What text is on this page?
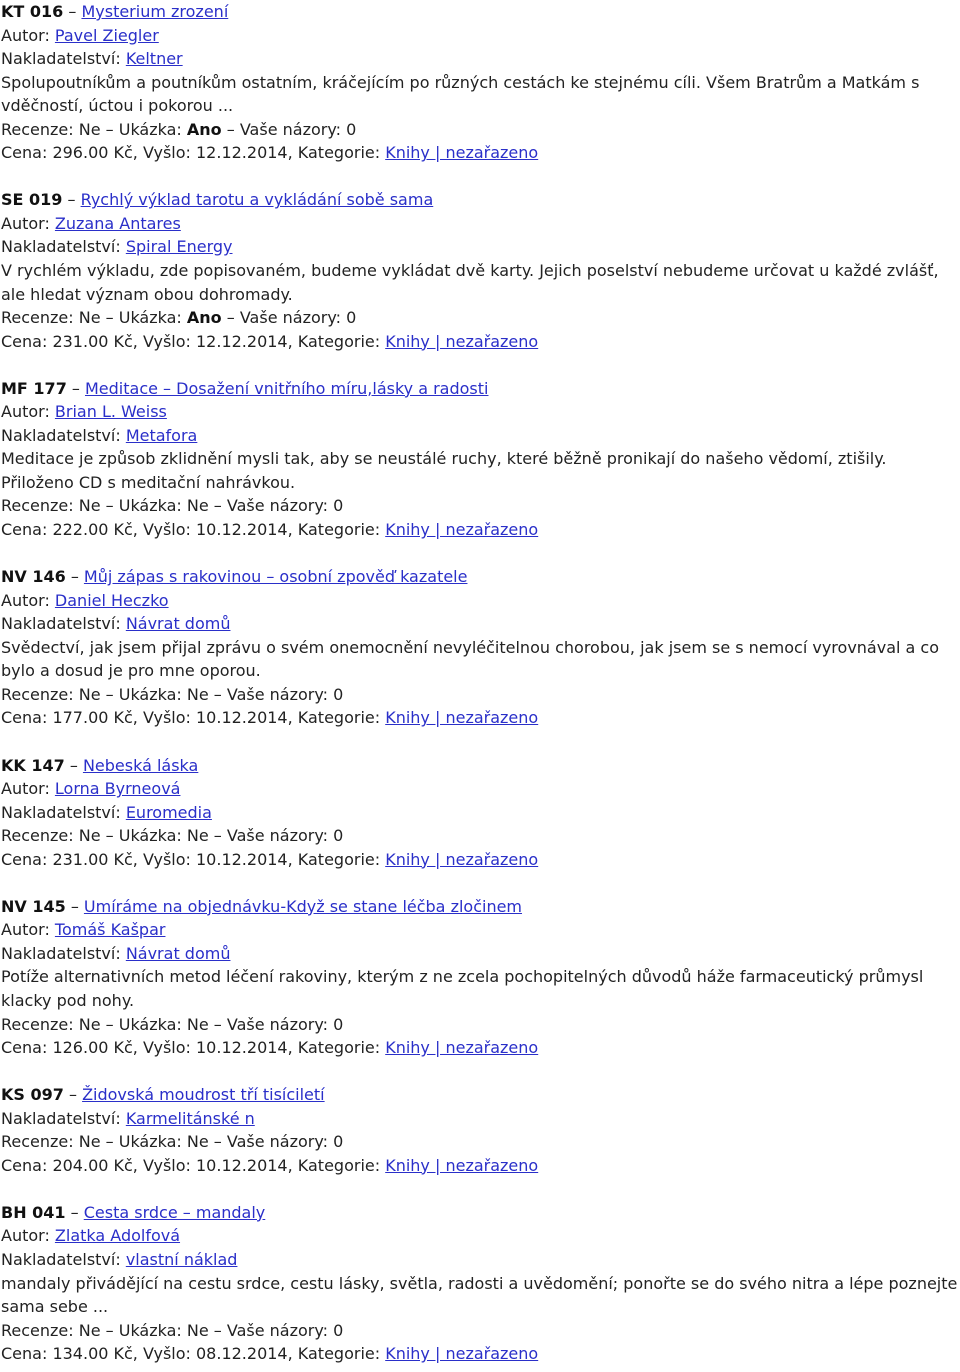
KT 016 – Mysterium zrození
Autor: Pavel Ziegler
Nakladatelství: Keltner
Spolupoutníkům a poutníkům ostatním, kráčejícím po různých cestách ke stejnému cíli. Všem Bratrům a Matkám s vděčností, úctou i pokorou ...
Recenze: Ne – Ukázka: Ano – Vaše názory: 0
Cena: 296.00 Kč, Vyšlo: 12.12.2014, Kategorie: Knihy | nezařazeno
SE 019 – Rychlý výklad tarotu a vykládání sobě sama
Autor: Zuzana Antares
Nakladatelství: Spiral Energy
V rychlém výkladu, zde popisovaném, budeme vykládat dvě karty. Jejich poselství nebudeme určovat u každé zvlášť, ale hledat význam obou dohromady.
Recenze: Ne – Ukázka: Ano – Vaše názory: 0
Cena: 231.00 Kč, Vyšlo: 12.12.2014, Kategorie: Knihy | nezařazeno
MF 177 – Meditace – Dosažení vnitřního míru,lásky a radosti
Autor: Brian L. Weiss
Nakladatelství: Metafora
Meditace je způsob zklidnění mysli tak, aby se neustálé ruchy, které běžně pronikají do našeho vědomí, ztišily. Přiloženo CD s meditační nahrávkou.
Recenze: Ne – Ukázka: Ne – Vaše názory: 0
Cena: 222.00 Kč, Vyšlo: 10.12.2014, Kategorie: Knihy | nezařazeno
NV 146 – Můj zápas s rakovinou – osobní zpověď kazatele
Autor: Daniel Heczko
Nakladatelství: Návrat domů
Svědectví, jak jsem přijal zprávu o svém onemocnění nevyléčitelnou chorobou, jak jsem se s nemocí vyrovnával a co bylo a dosud je pro mne oporou.
Recenze: Ne – Ukázka: Ne – Vaše názory: 0
Cena: 177.00 Kč, Vyšlo: 10.12.2014, Kategorie: Knihy | nezařazeno
KK 147 – Nebeská láska
Autor: Lorna Byrneová
Nakladatelství: Euromedia
Recenze: Ne – Ukázka: Ne – Vaše názory: 0
Cena: 231.00 Kč, Vyšlo: 10.12.2014, Kategorie: Knihy | nezařazeno
NV 145 – Umíráme na objednávku-Když se stane léčba zločinem
Autor: Tomáš Kašpar
Nakladatelství: Návrat domů
Potíže alternativních metod léčení rakoviny, kterým z ne zcela pochopitelných důvodů háže farmaceutický průmysl klacky pod nohy.
Recenze: Ne – Ukázka: Ne – Vaše názory: 0
Cena: 126.00 Kč, Vyšlo: 10.12.2014, Kategorie: Knihy | nezařazeno
KS 097 – Židovská moudrost tří tisíciletí
Nakladatelství: Karmelitánské n
Recenze: Ne – Ukázka: Ne – Vaše názory: 0
Cena: 204.00 Kč, Vyšlo: 10.12.2014, Kategorie: Knihy | nezařazeno
BH 041 – Cesta srdce – mandaly
Autor: Zlatka Adolfová
Nakladatelství: vlastní náklad
mandaly přivádějící na cestu srdce, cestu lásky, světla, radosti a uvědomění; ponořte se do svého nitra a lépe poznejte sama sebe ...
Recenze: Ne – Ukázka: Ne – Vaše názory: 0
Cena: 134.00 Kč, Vyšlo: 08.12.2014, Kategorie: Knihy | nezařazeno
